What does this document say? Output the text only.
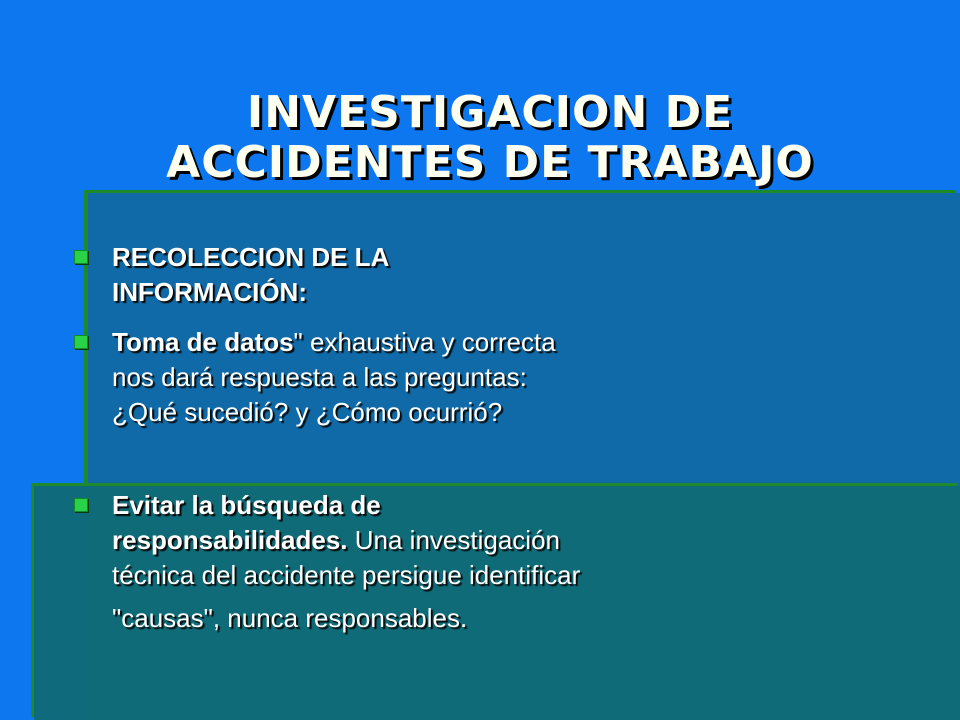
INVESTIGACION DE
ACCIDENTES DE TRABAJO
RECOLECCION DE LA INFORMACIÓN:
Toma de datos" exhaustiva y correcta nos dará respuesta a las preguntas: ¿Qué sucedió? y ¿Cómo ocurrió?
Evitar la búsqueda de responsabilidades. Una investigación técnica del accidente persigue identificar
"causas", nunca responsables.
